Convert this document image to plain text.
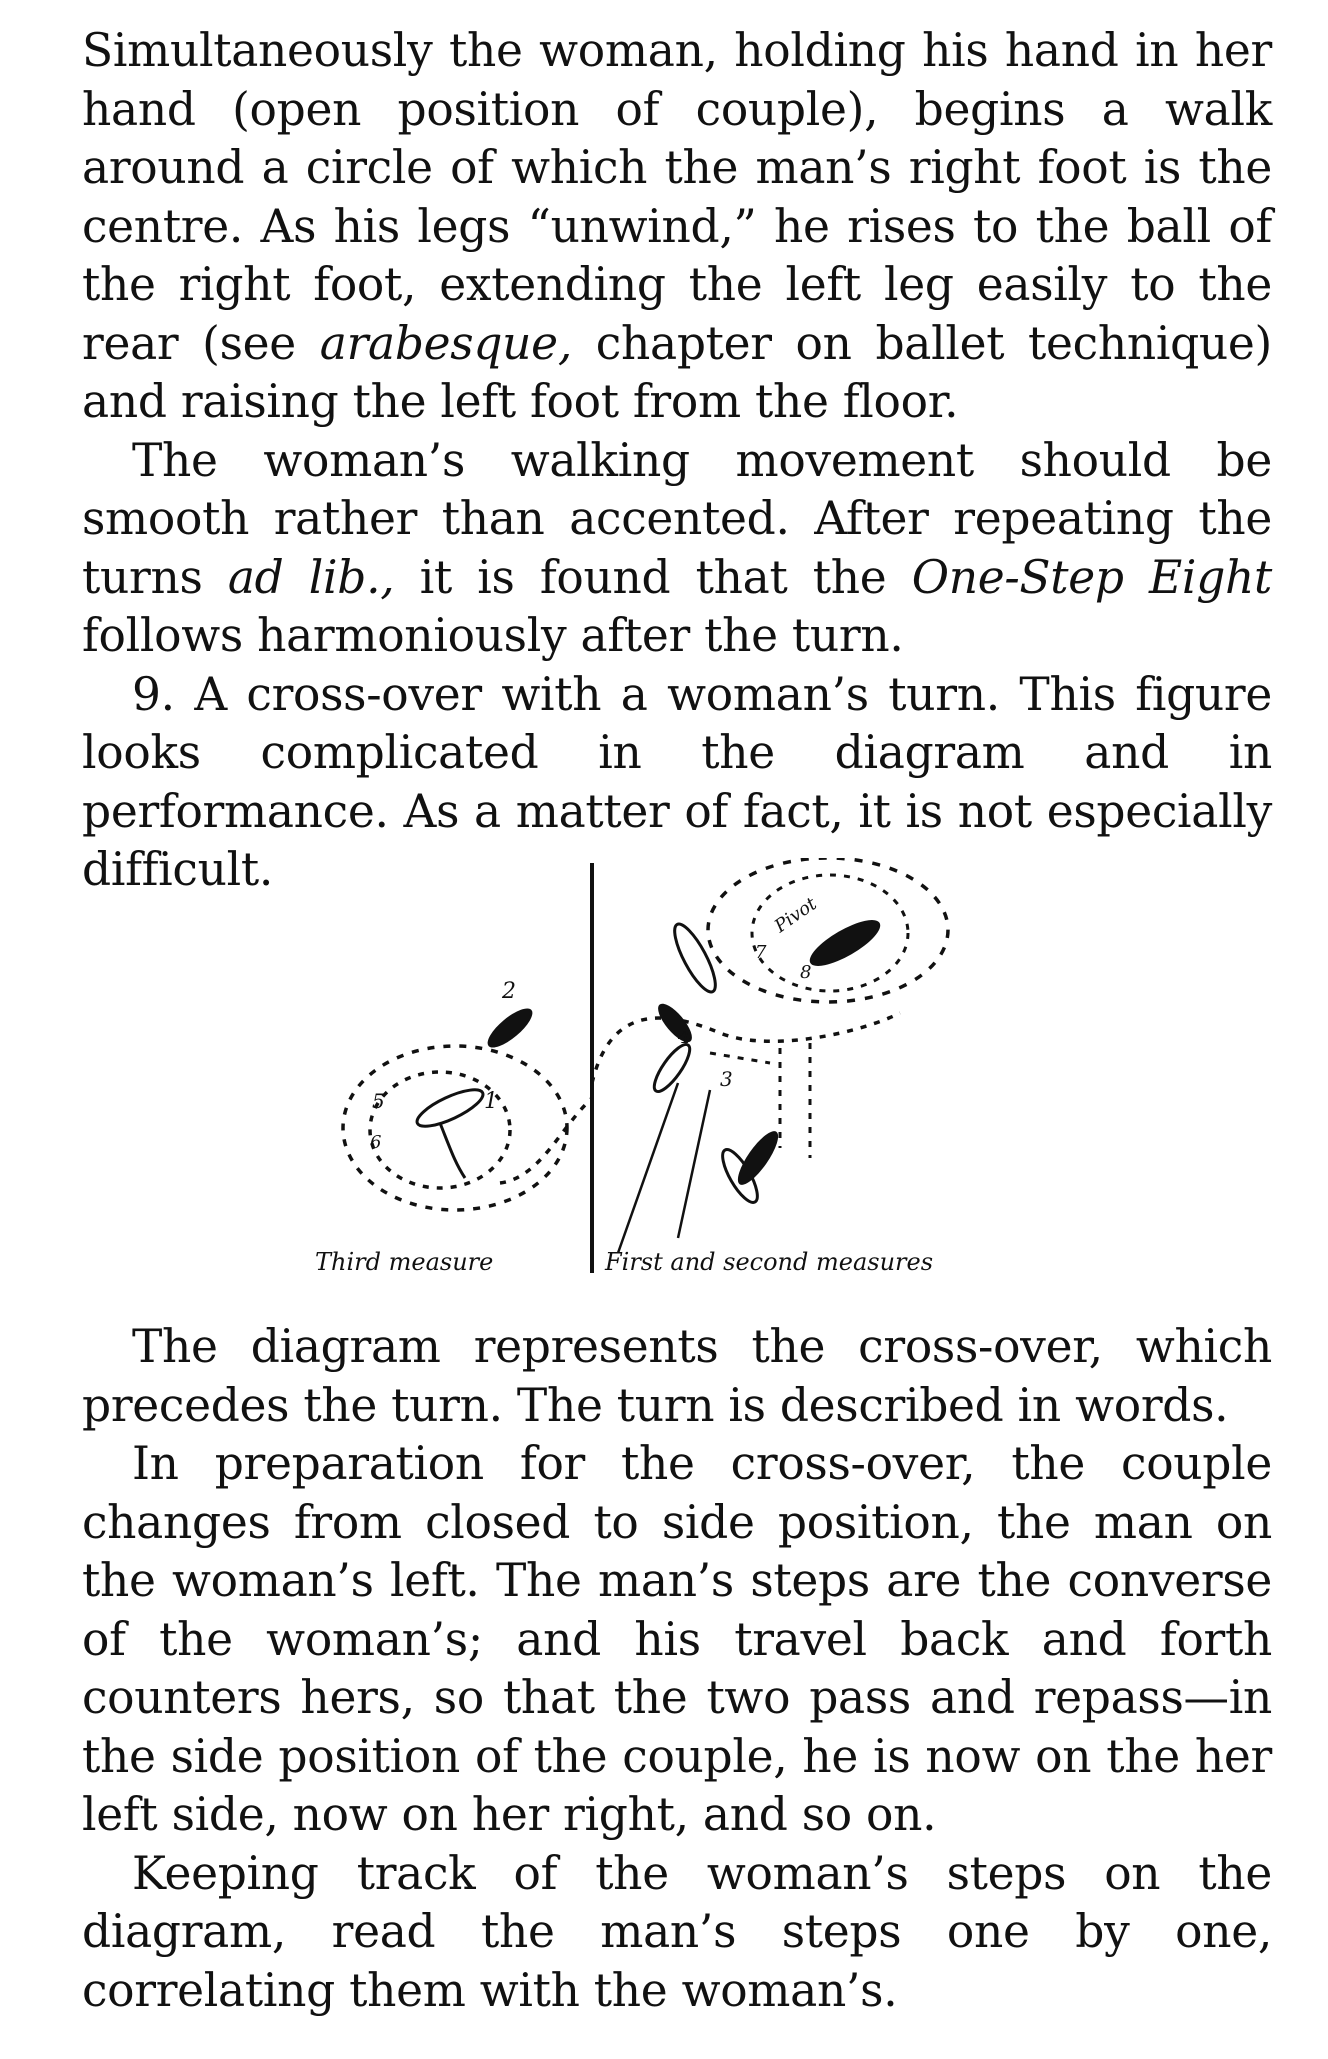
Simultaneously the woman, holding his hand in her hand (open position of couple), begins a walk around a circle of which the man’s right foot is the centre. As his legs “unwind,” he rises to the ball of the right foot, extending the left leg easily to the rear (see arabesque, chapter on ballet technique) and raising the left foot from the floor.

The woman’s walking movement should be smooth rather than accented. After repeating the turns ad lib., it is found that the One-Step Eight follows harmoniously after the turn.

9. A cross-over with a woman’s turn. This figure looks complicated in the diagram and in performance. As a matter of fact, it is not especially difficult.

1
2
5
6
4
3
Pivot
7
8
Third measure	First and second measures

The diagram represents the cross-over, which precedes the turn. The turn is described in words.

In preparation for the cross-over, the couple changes from closed to side position, the man on the woman’s left. The man’s steps are the converse of the woman’s; and his travel back and forth counters hers, so that the two pass and repass—in the side position of the couple, he is now on the her left side, now on her right, and so on.

Keeping track of the woman’s steps on the diagram, read the man’s steps one by one, correlating them with the woman’s.
